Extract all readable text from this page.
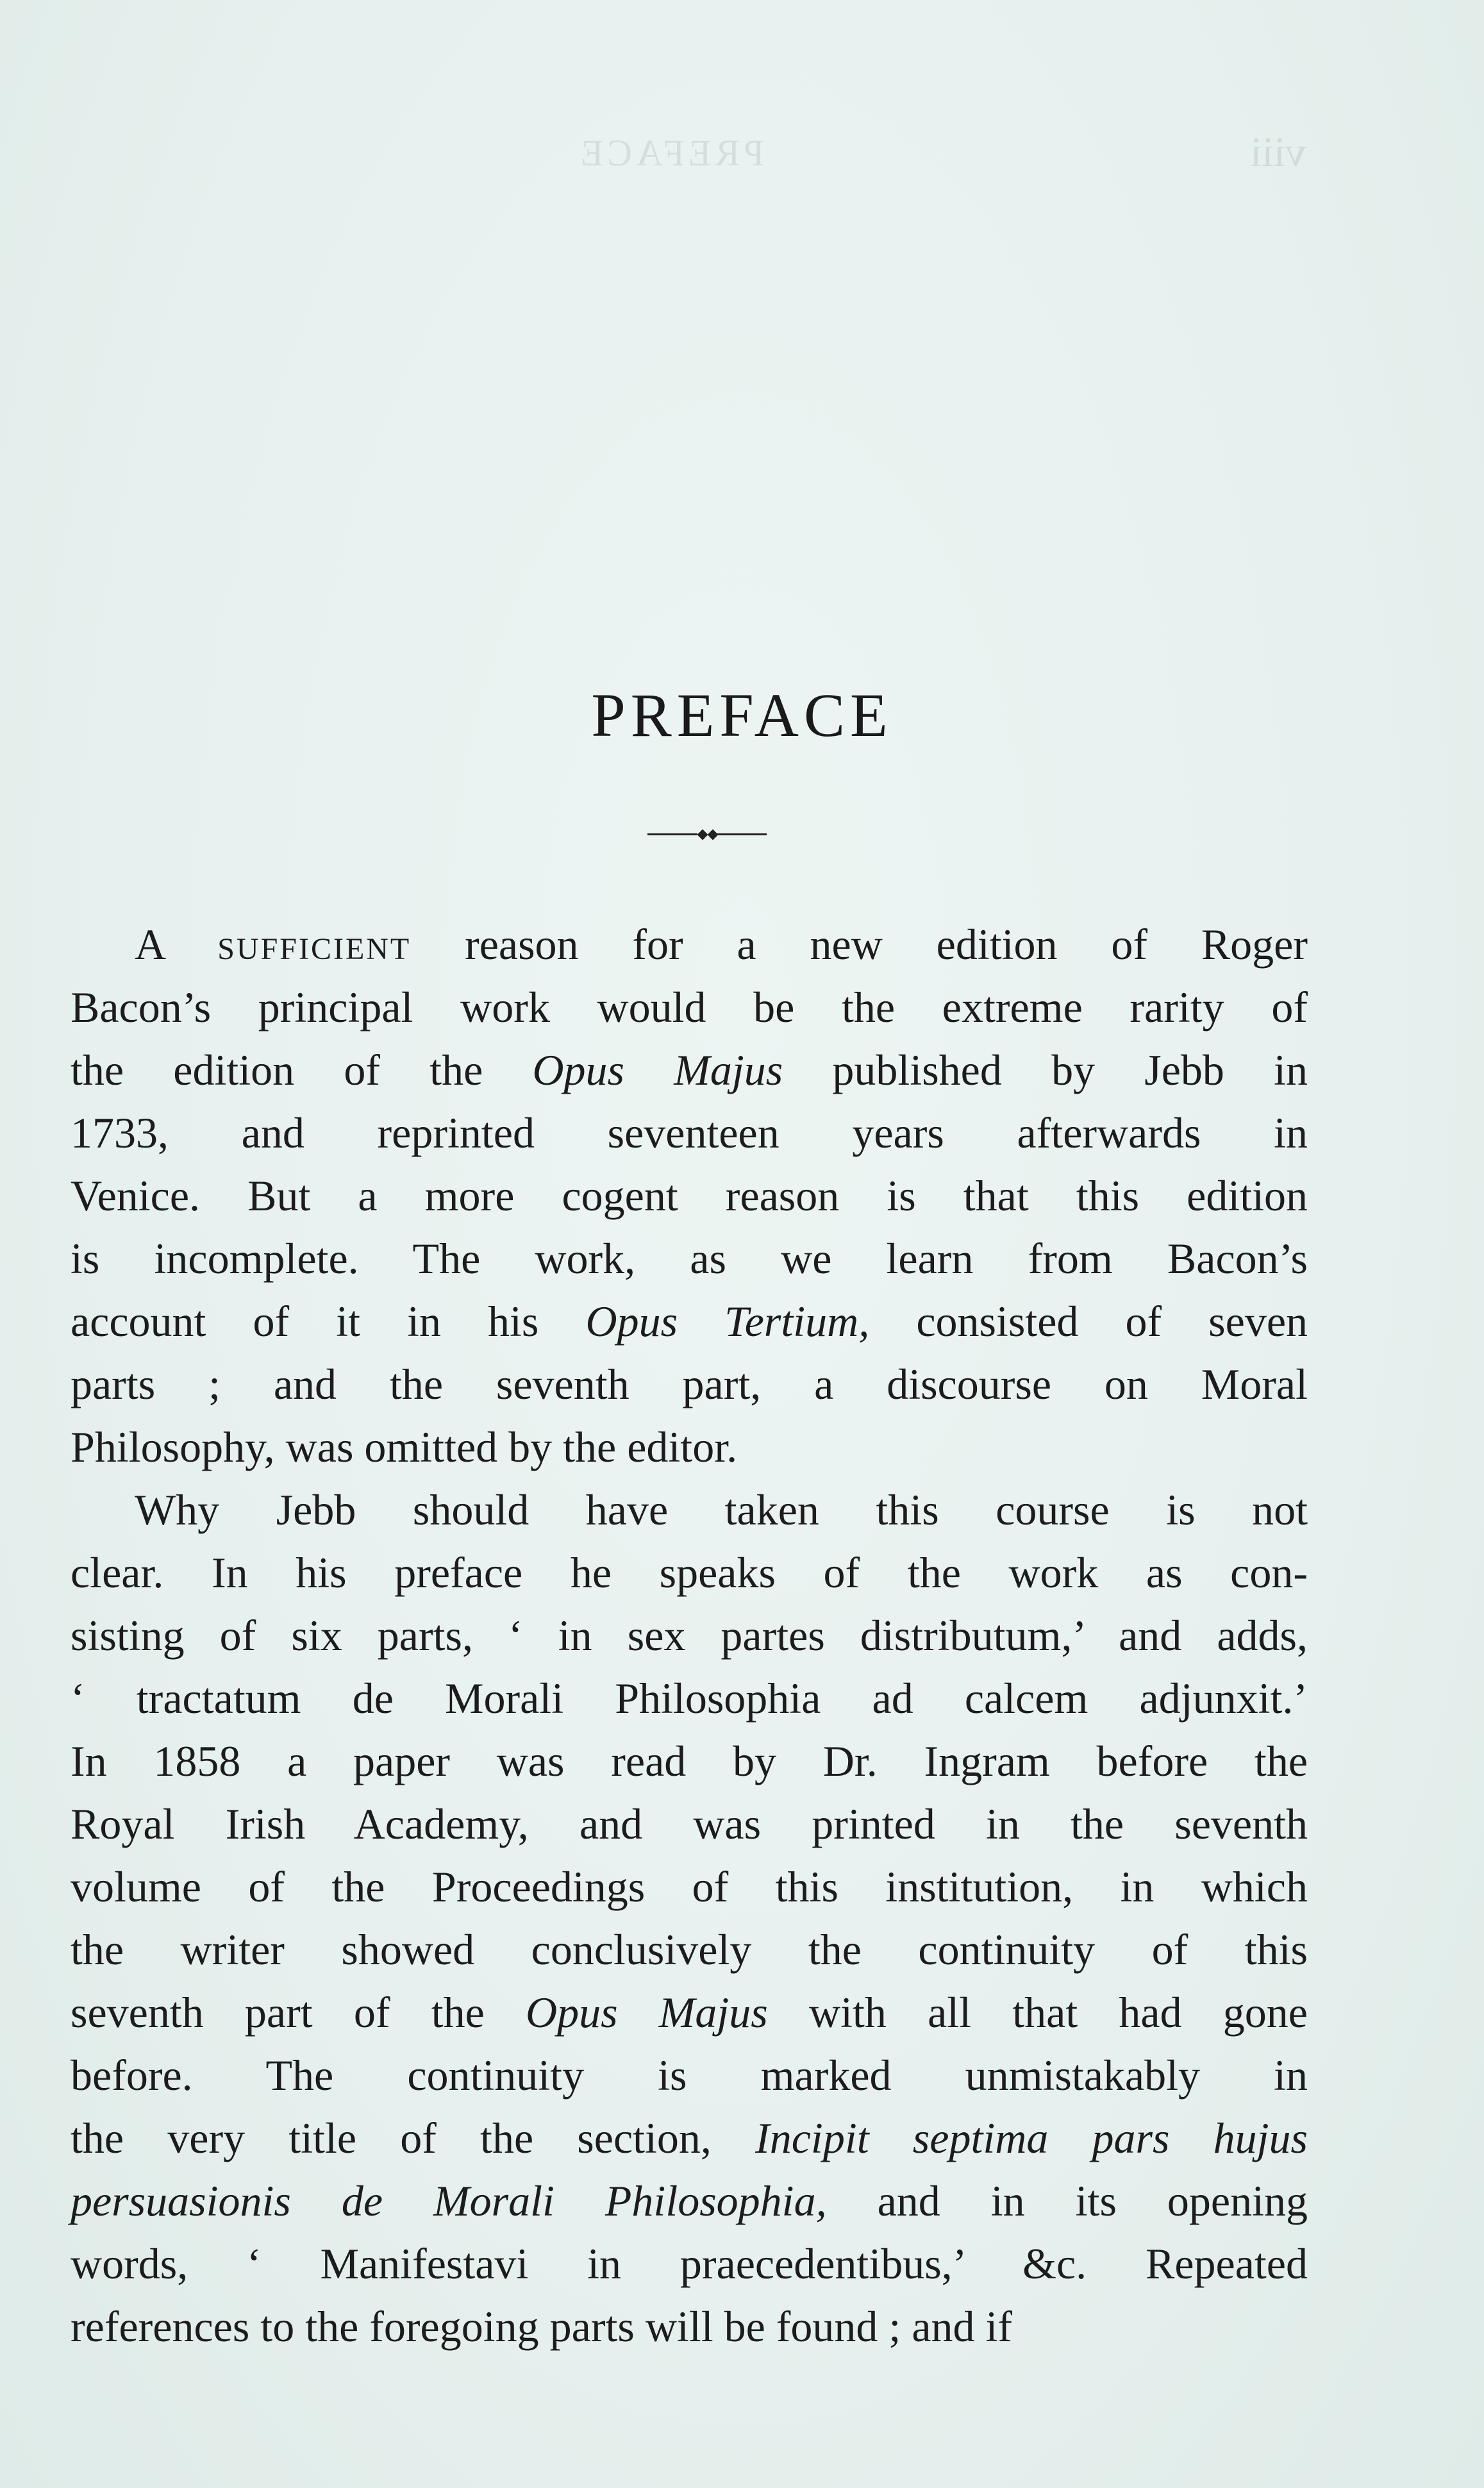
PREFACE	viii
PREFACE
A sufficient reason for a new edition of Roger
Bacon’s principal work would be the extreme rarity of
the edition of the Opus Majus published by Jebb in
1733, and reprinted seventeen years afterwards in
Venice. But a more cogent reason is that this edition
is incomplete. The work, as we learn from Bacon’s
account of it in his Opus Tertium, consisted of seven
parts ; and the seventh part, a discourse on Moral
Philosophy, was omitted by the editor.
Why Jebb should have taken this course is not
clear. In his preface he speaks of the work as con-
sisting of six parts, ‘ in sex partes distributum,’ and adds,
‘ tractatum de Morali Philosophia ad calcem adjunxit.’
In 1858 a paper was read by Dr. Ingram before the
Royal Irish Academy, and was printed in the seventh
volume of the Proceedings of this institution, in which
the writer showed conclusively the continuity of this
seventh part of the Opus Majus with all that had gone
before. The continuity is marked unmistakably in
the very title of the section, Incipit septima pars hujus
persuasionis de Morali Philosophia, and in its opening
words, ‘ Manifestavi in praecedentibus,’ &c. Repeated
references to the foregoing parts will be found ; and if
